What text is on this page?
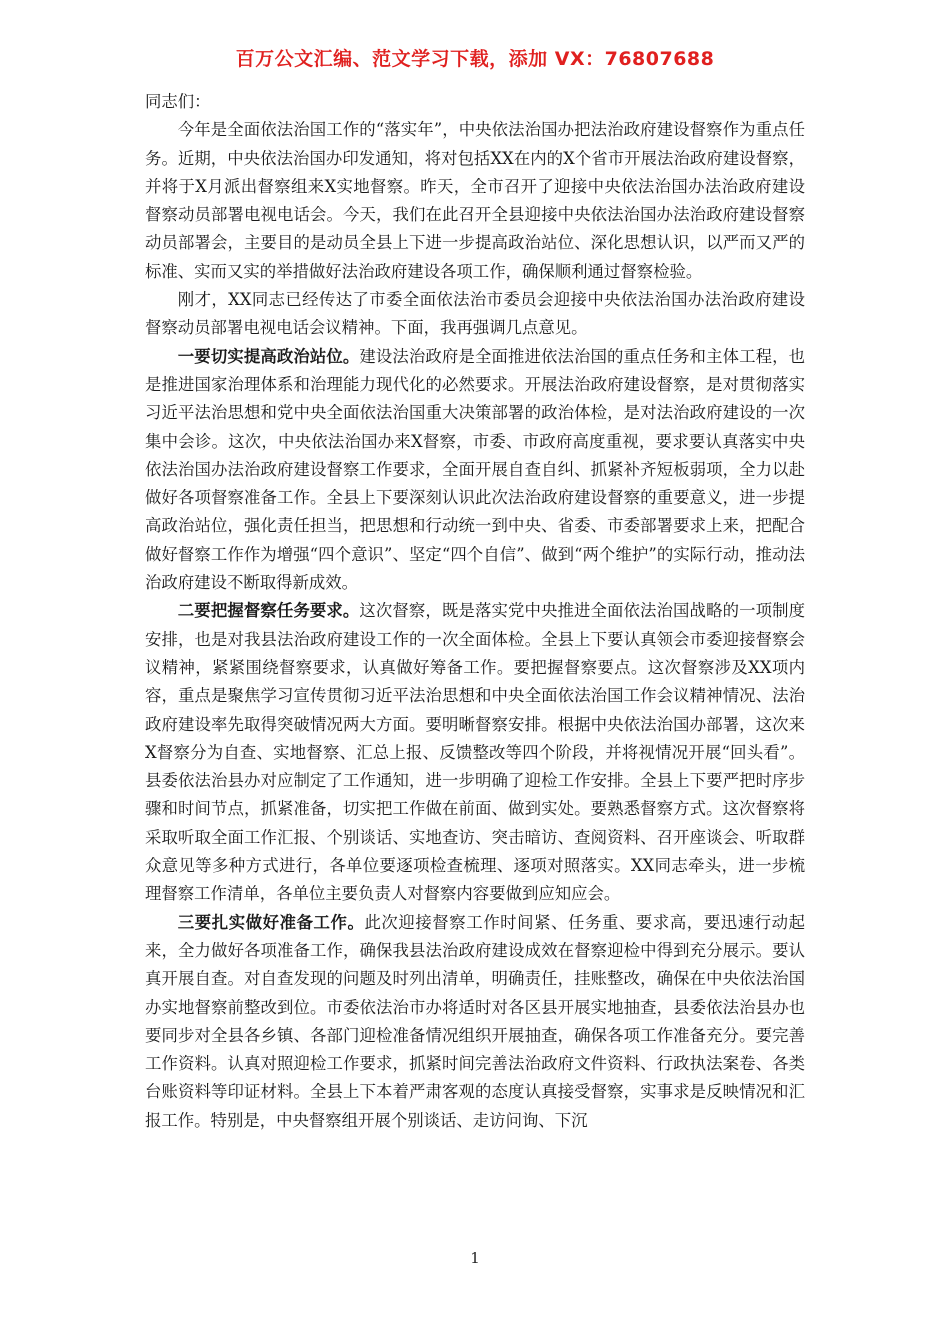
百万公文汇编、范文学习下载，添加 VX：76807688

同志们：

今年是全面依法治国工作的“落实年”，中央依法治国办把法治政府建设督察作为重点任务。近期，中央依法治国办印发通知，将对包括XX在内的X个省市开展法治政府建设督察，并将于X月派出督察组来X实地督察。昨天，全市召开了迎接中央依法治国办法治政府建设督察动员部署电视电话会。今天，我们在此召开全县迎接中央依法治国办法治政府建设督察动员部署会，主要目的是动员全县上下进一步提高政治站位、深化思想认识，以严而又严的标准、实而又实的举措做好法治政府建设各项工作，确保顺利通过督察检验。

刚才，XX同志已经传达了市委全面依法治市委员会迎接中央依法治国办法治政府建设督察动员部署电视电话会议精神。下面，我再强调几点意见。

一要切实提高政治站位。建设法治政府是全面推进依法治国的重点任务和主体工程，也是推进国家治理体系和治理能力现代化的必然要求。开展法治政府建设督察，是对贯彻落实习近平法治思想和党中央全面依法治国重大决策部署的政治体检，是对法治政府建设的一次集中会诊。这次，中央依法治国办来X督察，市委、市政府高度重视，要求要认真落实中央依法治国办法治政府建设督察工作要求，全面开展自查自纠、抓紧补齐短板弱项，全力以赴做好各项督察准备工作。全县上下要深刻认识此次法治政府建设督察的重要意义，进一步提高政治站位，强化责任担当，把思想和行动统一到中央、省委、市委部署要求上来，把配合做好督察工作作为增强“四个意识”、坚定“四个自信”、做到“两个维护”的实际行动，推动法治政府建设不断取得新成效。

二要把握督察任务要求。这次督察，既是落实党中央推进全面依法治国战略的一项制度安排，也是对我县法治政府建设工作的一次全面体检。全县上下要认真领会市委迎接督察会议精神，紧紧围绕督察要求，认真做好筹备工作。要把握督察要点。这次督察涉及XX项内容，重点是聚焦学习宣传贯彻习近平法治思想和中央全面依法治国工作会议精神情况、法治政府建设率先取得突破情况两大方面。要明晰督察安排。根据中央依法治国办部署，这次来X督察分为自查、实地督察、汇总上报、反馈整改等四个阶段，并将视情况开展“回头看”。县委依法治县办对应制定了工作通知，进一步明确了迎检工作安排。全县上下要严把时序步骤和时间节点，抓紧准备，切实把工作做在前面、做到实处。要熟悉督察方式。这次督察将采取听取全面工作汇报、个别谈话、实地查访、突击暗访、查阅资料、召开座谈会、听取群众意见等多种方式进行，各单位要逐项检查梳理、逐项对照落实。XX同志牵头，进一步梳理督察工作清单，各单位主要负责人对督察内容要做到应知应会。

三要扎实做好准备工作。此次迎接督察工作时间紧、任务重、要求高，要迅速行动起来，全力做好各项准备工作，确保我县法治政府建设成效在督察迎检中得到充分展示。要认真开展自查。对自查发现的问题及时列出清单，明确责任，挂账整改，确保在中央依法治国办实地督察前整改到位。市委依法治市办将适时对各区县开展实地抽查，县委依法治县办也要同步对全县各乡镇、各部门迎检准备情况组织开展抽查，确保各项工作准备充分。要完善工作资料。认真对照迎检工作要求，抓紧时间完善法治政府文件资料、行政执法案卷、各类台账资料等印证材料。全县上下本着严肃客观的态度认真接受督察，实事求是反映情况和汇报工作。特别是，中央督察组开展个别谈话、走访问询、下沉

1
